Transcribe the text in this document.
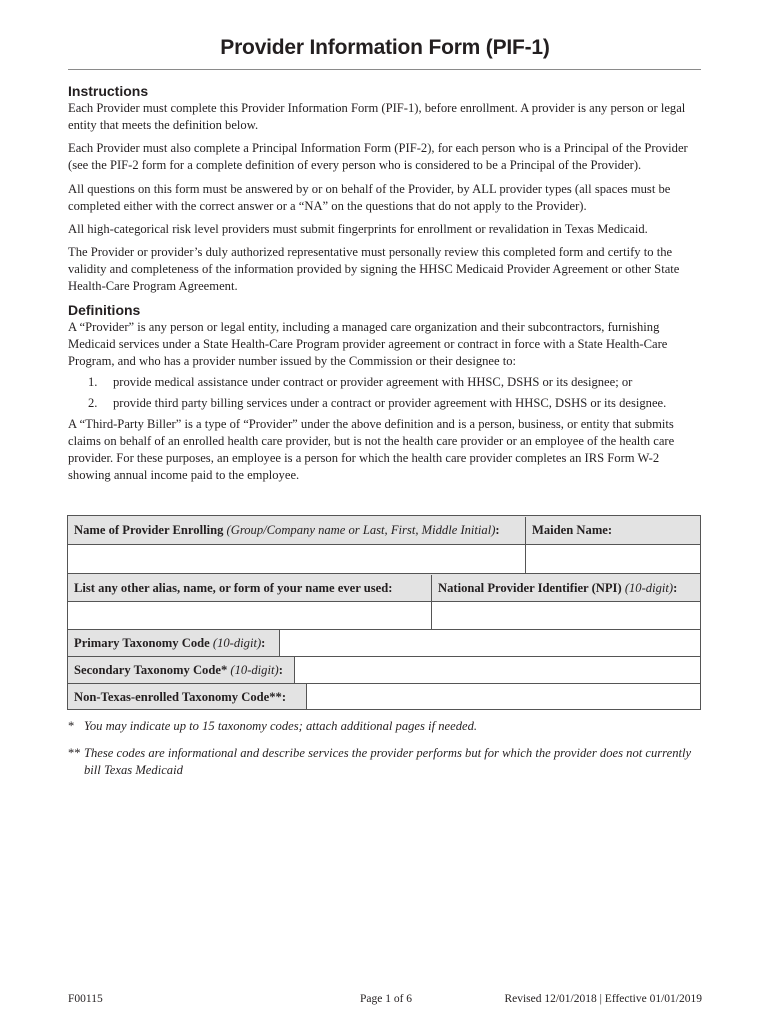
Provider Information Form (PIF-1)
Instructions

Each Provider must complete this Provider Information Form (PIF-1), before enrollment. A provider is any person or legal entity that meets the definition below.

Each Provider must also complete a Principal Information Form (PIF-2), for each person who is a Principal of the Provider (see the PIF-2 form for a complete definition of every person who is considered to be a Principal of the Provider).

All questions on this form must be answered by or on behalf of the Provider, by ALL provider types (all spaces must be completed either with the correct answer or a “NA” on the questions that do not apply to the Provider).

All high-categorical risk level providers must submit fingerprints for enrollment or revalidation in Texas Medicaid.

The Provider or provider’s duly authorized representative must personally review this completed form and certify to the validity and completeness of the information provided by signing the HHSC Medicaid Provider Agreement or other State Health-Care Program Agreement.

Definitions

A “Provider” is any person or legal entity, including a managed care organization and their subcontractors, furnishing Medicaid services under a State Health-Care Program provider agreement or contract in force with a State Health-Care Program, and who has a provider number issued by the Commission or their designee to:

1. provide medical assistance under contract or provider agreement with HHSC, DSHS or its designee; or
2. provide third party billing services under a contract or provider agreement with HHSC, DSHS or its designee.

A “Third-Party Biller” is a type of “Provider” under the above definition and is a person, business, or entity that submits claims on behalf of an enrolled health care provider, but is not the health care provider or an employee of the health care provider. For these purposes, an employee is a person for which the health care provider completes an IRS Form W-2 showing annual income paid to the employee.

Name of Provider Enrolling (Group/Company name or Last, First, Middle Initial):	Maiden Name:
List any other alias, name, or form of your name ever used:	National Provider Identifier (NPI) (10-digit):
Primary Taxonomy Code (10-digit):
Secondary Taxonomy Code* (10-digit):
Non-Texas-enrolled Taxonomy Code**:
* You may indicate up to 15 taxonomy codes; attach additional pages if needed.
** These codes are informational and describe services the provider performs but for which the provider does not currently bill Texas Medicaid
F00115	Page 1 of 6	Revised 12/01/2018 | Effective 01/01/2019
